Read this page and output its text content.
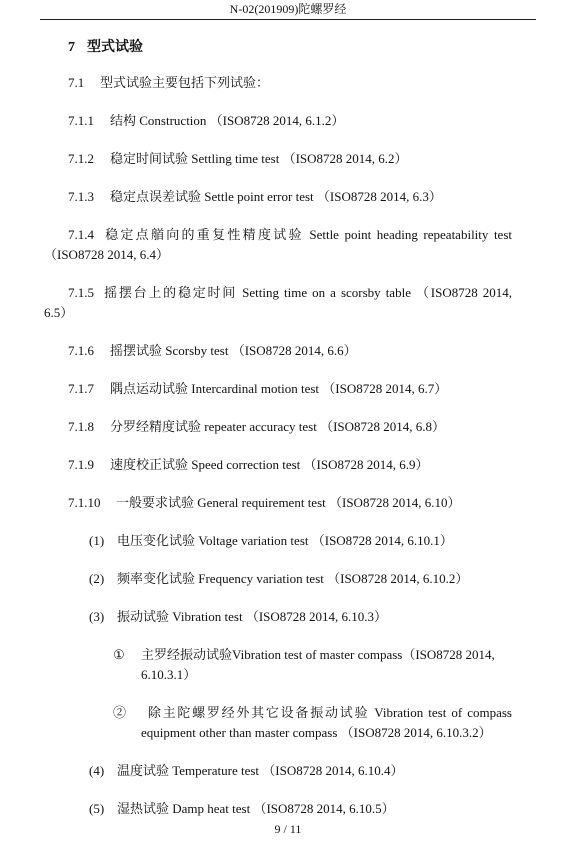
N-02(201909)陀螺罗经
7 型式试验
7.1 型式试验主要包括下列试验：
7.1.1 结构 Construction （ISO8728 2014, 6.1.2）
7.1.2 稳定时间试验 Settling time test （ISO8728 2014, 6.2）
7.1.3 稳定点误差试验 Settle point error test （ISO8728 2014, 6.3）
7.1.4 稳定点艏向的重复性精度试验 Settle point heading repeatability test
（ISO8728 2014, 6.4）
7.1.5 摇摆台上的稳定时间 Setting time on a scorsby table （ISO8728 2014,
6.5）
7.1.6 摇摆试验 Scorsby test （ISO8728 2014, 6.6）
7.1.7 隅点运动试验 Intercardinal motion test （ISO8728 2014, 6.7）
7.1.8 分罗经精度试验 repeater accuracy test （ISO8728 2014, 6.8）
7.1.9 速度校正试验 Speed correction test （ISO8728 2014, 6.9）
7.1.10 一般要求试验 General requirement test （ISO8728 2014, 6.10）
(1) 电压变化试验 Voltage variation test （ISO8728 2014, 6.10.1）
(2) 频率变化试验 Frequency variation test （ISO8728 2014, 6.10.2）
(3) 振动试验 Vibration test （ISO8728 2014, 6.10.3）
① 主罗经振动试验Vibration test of master compass（ISO8728 2014,
6.10.3.1）
② 除主陀螺罗经外其它设备振动试验 Vibration test of compass
equipment other than master compass （ISO8728 2014, 6.10.3.2）
(4) 温度试验 Temperature test （ISO8728 2014, 6.10.4）
(5) 湿热试验 Damp heat test （ISO8728 2014, 6.10.5）
9 / 11
